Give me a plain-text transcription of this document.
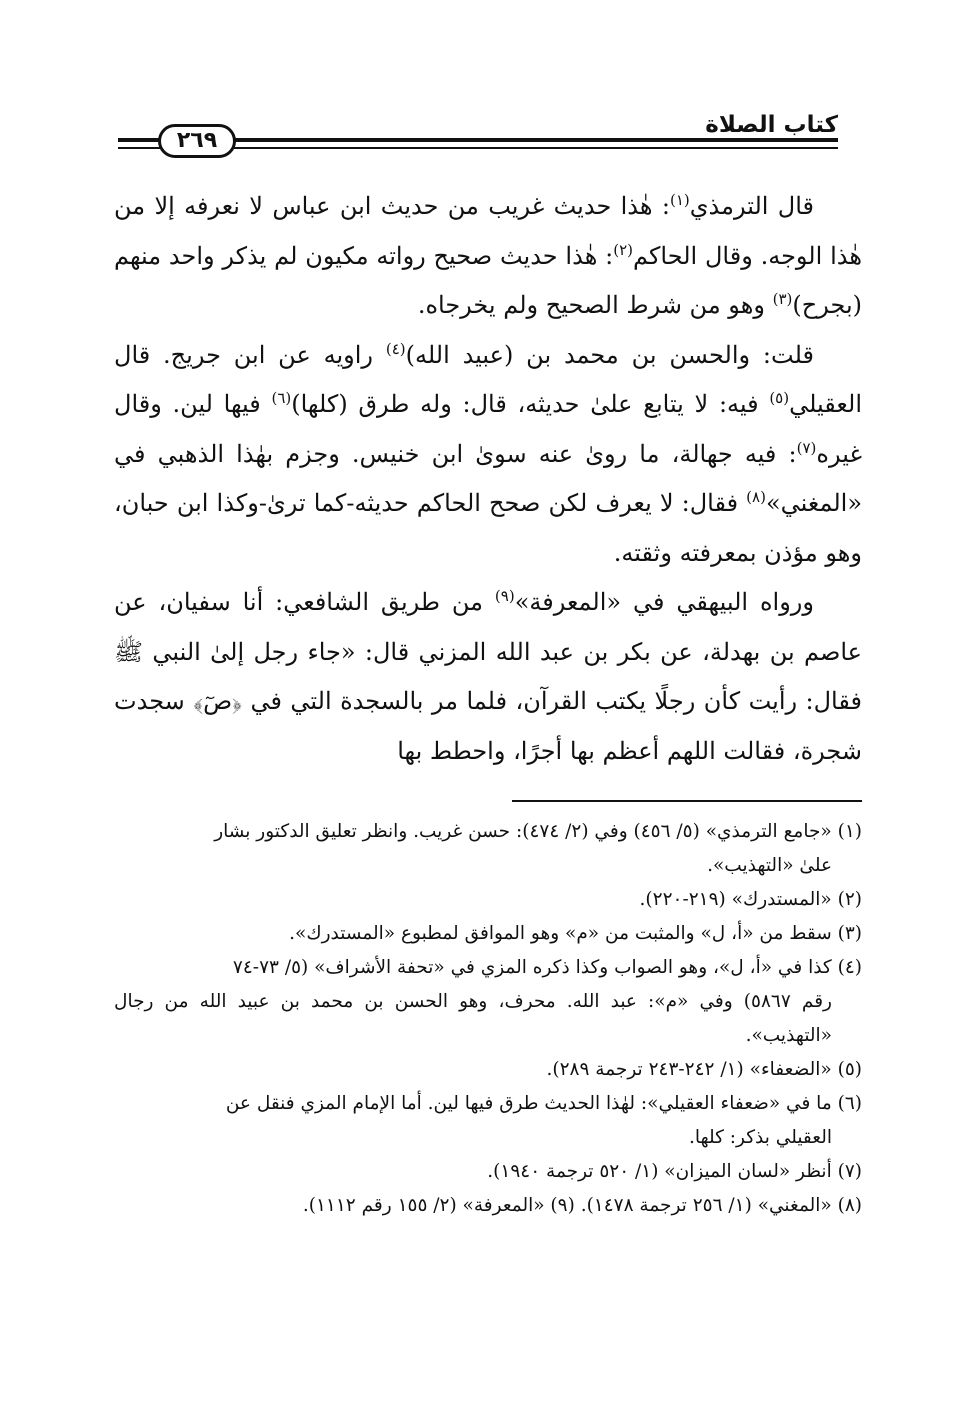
كتاب الصلاة
٢٦٩

قال الترمذي$^{(١)}$: هٰذا حديث غريب من حديث ابن عباس لا نعرفه إلا من هٰذا الوجه. وقال الحاكم$^{(٢)}$: هٰذا حديث صحيح رواته مكيون لم يذكر واحد منهم (بجرح)$^{(٣)}$ وهو من شرط الصحيح ولم يخرجاه.

قلت: والحسن بن محمد بن (عبيد الله)$^{(٤)}$ راويه عن ابن جريج. قال العقيلي$^{(٥)}$ فيه: لا يتابع علىٰ حديثه، قال: وله طرق (كلها)$^{(٦)}$ فيها لين. وقال غيره$^{(٧)}$: فيه جهالة، ما روىٰ عنه سوىٰ ابن خنيس. وجزم بهٰذا الذهبي في «المغني»$^{(٨)}$ فقال: لا يعرف لكن صحح الحاكم حديثه-كما ترىٰ-وكذا ابن حبان، وهو مؤذن بمعرفته وثقته.

ورواه البيهقي في «المعرفة»$^{(٩)}$ من طريق الشافعي: أنا سفيان، عن عاصم بن بهدلة، عن بكر بن عبد الله المزني قال: «جاء رجل إلىٰ النبي ﷺ فقال: رأيت كأن رجلًا يكتب القرآن، فلما مر بالسجدة التي في ﴿صٓ﴾ سجدت شجرة، فقالت اللهم أعظم بها أجرًا، واحطط بها

(١) «جامع الترمذي» (٥/ ٤٥٦) وفي (٢/ ٤٧٤): حسن غريب. وانظر تعليق الدكتور بشار
علىٰ «التهذيب».

(٢) «المستدرك» (٢١٩-٢٢٠).

(٣) سقط من «أ، ل» والمثبت من «م» وهو الموافق لمطبوع «المستدرك».

(٤) كذا في «أ، ل»، وهو الصواب وكذا ذكره المزي في «تحفة الأشراف» (٥/ ٧٣-٧٤
رقم ٥٨٦٧) وفي «م»: عبد الله. محرف، وهو الحسن بن محمد بن عبيد الله من رجال «التهذيب».

(٥) «الضعفاء» (١/ ٢٤٢-٢٤٣ ترجمة ٢٨٩).

(٦) ما في «ضعفاء العقيلي»: لهٰذا الحديث طرق فيها لين. أما الإمام المزي فنقل عن
العقيلي بذكر: كلها.

(٧) أنظر «لسان الميزان» (١/ ٥٢٠ ترجمة ١٩٤٠).

(٨) «المغني» (١/ ٢٥٦ ترجمة ١٤٧٨). (٩) «المعرفة» (٢/ ١٥٥ رقم ١١١٢).
